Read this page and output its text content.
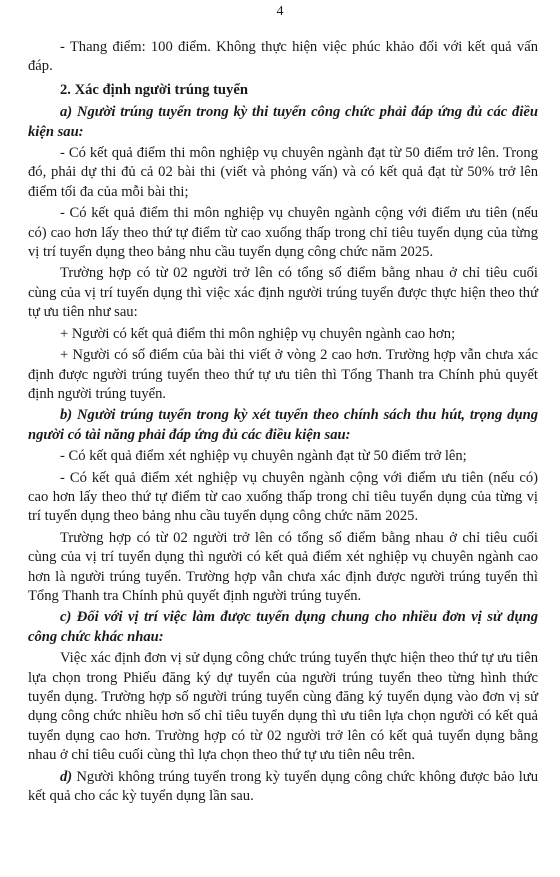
4

- Thang điểm: 100 điểm. Không thực hiện việc phúc khảo đối với kết quả vấn đáp.

2. Xác định người trúng tuyển

a) Người trúng tuyển trong kỳ thi tuyển công chức phải đáp ứng đủ các điều kiện sau:

- Có kết quả điểm thi môn nghiệp vụ chuyên ngành đạt từ 50 điểm trở lên. Trong đó, phải dự thi đủ cả 02 bài thi (viết và phỏng vấn) và có kết quả đạt từ 50% trở lên điểm tối đa của mỗi bài thi;

- Có kết quả điểm thi môn nghiệp vụ chuyên ngành cộng với điểm ưu tiên (nếu có) cao hơn lấy theo thứ tự điểm từ cao xuống thấp trong chỉ tiêu tuyển dụng của từng vị trí tuyển dụng theo bảng nhu cầu tuyển dụng công chức năm 2025.

Trường hợp có từ 02 người trở lên có tổng số điểm bằng nhau ở chỉ tiêu cuối cùng của vị trí tuyển dụng thì việc xác định người trúng tuyển được thực hiện theo thứ tự ưu tiên như sau:

+ Người có kết quả điểm thi môn nghiệp vụ chuyên ngành cao hơn;

+ Người có số điểm của bài thi viết ở vòng 2 cao hơn. Trường hợp vẫn chưa xác định được người trúng tuyển theo thứ tự ưu tiên thì Tổng Thanh tra Chính phủ quyết định người trúng tuyển.

b) Người trúng tuyển trong kỳ xét tuyển theo chính sách thu hút, trọng dụng người có tài năng phải đáp ứng đủ các điều kiện sau:

- Có kết quả điểm xét nghiệp vụ chuyên ngành đạt từ 50 điểm trở lên;

- Có kết quả điểm xét nghiệp vụ chuyên ngành cộng với điểm ưu tiên (nếu có) cao hơn lấy theo thứ tự điểm từ cao xuống thấp trong chỉ tiêu tuyển dụng của từng vị trí tuyển dụng theo bảng nhu cầu tuyển dụng công chức năm 2025.

Trường hợp có từ 02 người trở lên có tổng số điểm bằng nhau ở chỉ tiêu cuối cùng của vị trí tuyển dụng thì người có kết quả điểm xét nghiệp vụ chuyên ngành cao hơn là người trúng tuyển. Trường hợp vẫn chưa xác định được người trúng tuyển thì Tổng Thanh tra Chính phủ quyết định người trúng tuyển.

c) Đối với vị trí việc làm được tuyển dụng chung cho nhiều đơn vị sử dụng công chức khác nhau:

Việc xác định đơn vị sử dụng công chức trúng tuyển thực hiện theo thứ tự ưu tiên lựa chọn trong Phiếu đăng ký dự tuyển của người trúng tuyển theo từng hình thức tuyển dụng. Trường hợp số người trúng tuyển cùng đăng ký tuyển dụng vào đơn vị sử dụng công chức nhiều hơn số chỉ tiêu tuyển dụng thì ưu tiên lựa chọn người có kết quả tuyển dụng cao hơn. Trường hợp có từ 02 người trở lên có kết quả tuyển dụng bằng nhau ở chỉ tiêu cuối cùng thì lựa chọn theo thứ tự ưu tiên nêu trên.

d) Người không trúng tuyển trong kỳ tuyển dụng công chức không được bảo lưu kết quả cho các kỳ tuyển dụng lần sau.
